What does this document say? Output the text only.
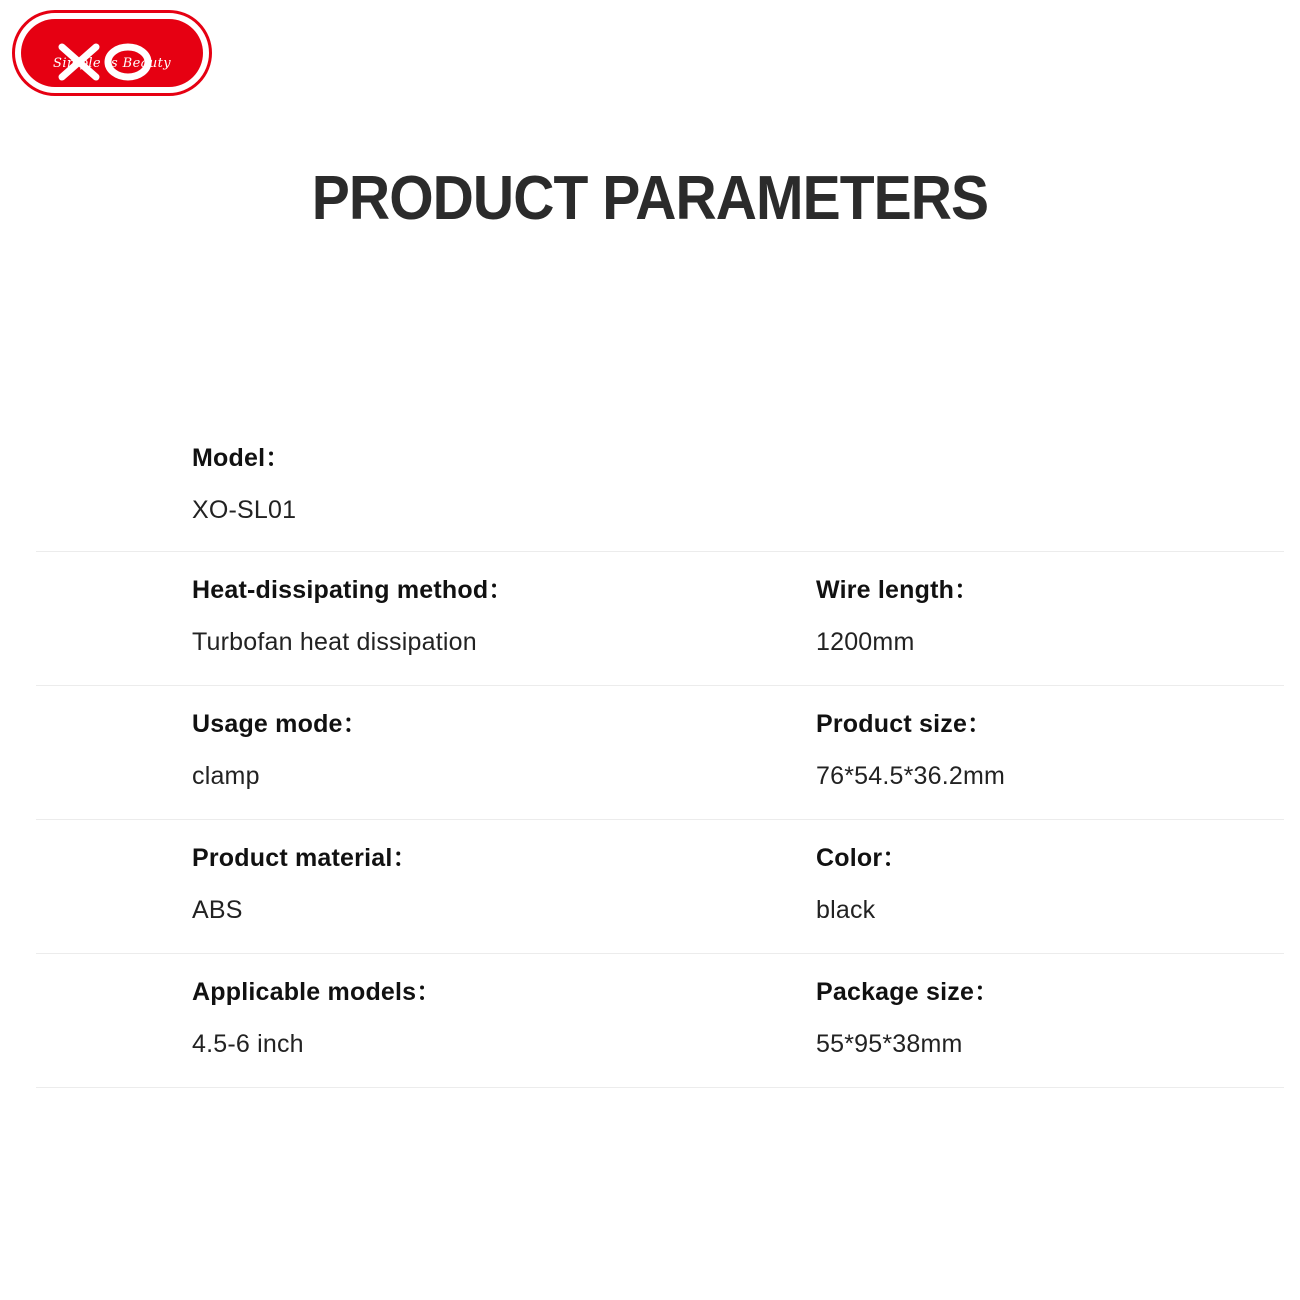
Simple Is Beauty
PRODUCT PARAMETERS
Model：
XO-SL01
Heat-dissipating method：
Turbofan heat dissipation
Wire length：
1200mm
Usage mode：
clamp
Product size：
76*54.5*36.2mm
Product material：
ABS
Color：
black
Applicable models：
4.5-6 inch
Package size：
55*95*38mm
